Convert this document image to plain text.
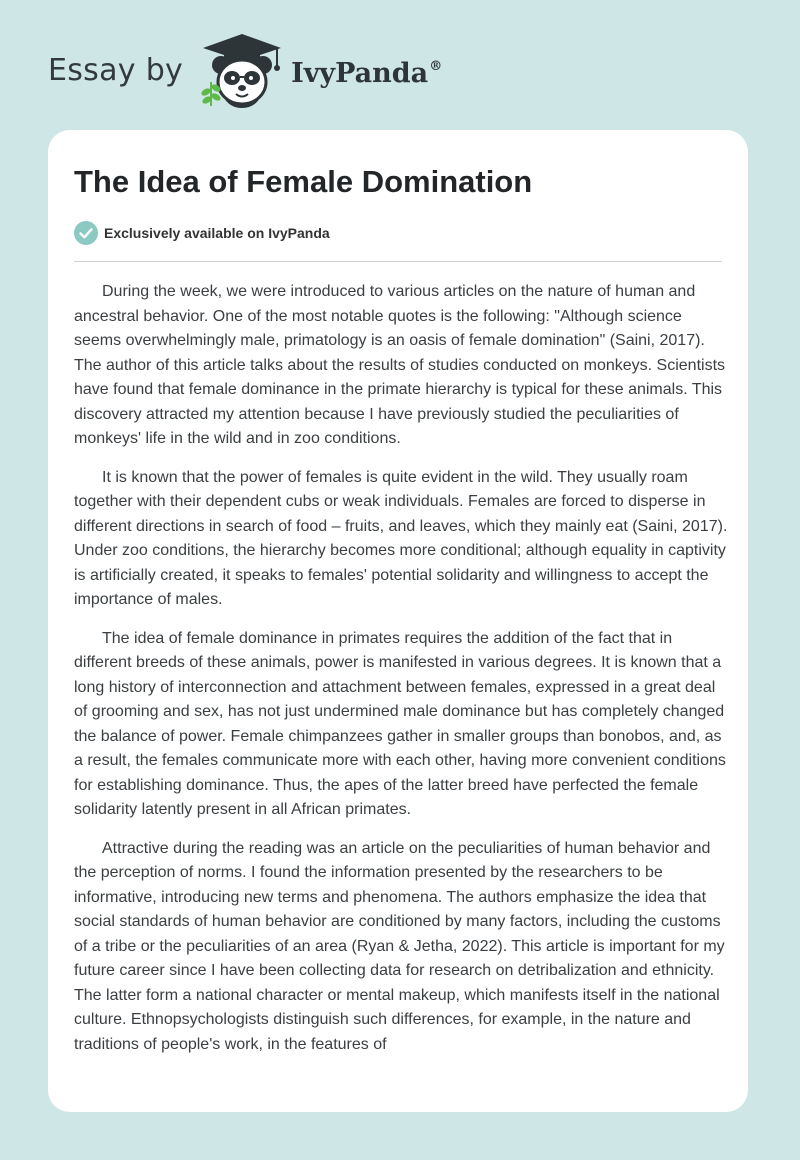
Essay by	IvyPanda®
The Idea of Female Domination
Exclusively available on IvyPanda

During the week, we were introduced to various articles on the nature of human and ancestral behavior. One of the most notable quotes is the following: "Although science seems overwhelmingly male, primatology is an oasis of female domination" (Saini, 2017). The author of this article talks about the results of studies conducted on monkeys. Scientists have found that female dominance in the primate hierarchy is typical for these animals. This discovery attracted my attention because I have previously studied the peculiarities of monkeys' life in the wild and in zoo conditions.

It is known that the power of females is quite evident in the wild. They usually roam together with their dependent cubs or weak individuals. Females are forced to disperse in different directions in search of food – fruits, and leaves, which they mainly eat (Saini, 2017). Under zoo conditions, the hierarchy becomes more conditional; although equality in captivity is artificially created, it speaks to females' potential solidarity and willingness to accept the importance of males.

The idea of female dominance in primates requires the addition of the fact that in different breeds of these animals, power is manifested in various degrees. It is known that a long history of interconnection and attachment between females, expressed in a great deal of grooming and sex, has not just undermined male dominance but has completely changed the balance of power. Female chimpanzees gather in smaller groups than bonobos, and, as a result, the females communicate more with each other, having more convenient conditions for establishing dominance. Thus, the apes of the latter breed have perfected the female solidarity latently present in all African primates.

Attractive during the reading was an article on the peculiarities of human behavior and the perception of norms. I found the information presented by the researchers to be informative, introducing new terms and phenomena. The authors emphasize the idea that social standards of human behavior are conditioned by many factors, including the customs of a tribe or the peculiarities of an area (Ryan & Jetha, 2022). This article is important for my future career since I have been collecting data for research on detribalization and ethnicity. The latter form a national character or mental makeup, which manifests itself in the national culture. Ethnopsychologists distinguish such differences, for example, in the nature and traditions of people's work, in the features of
